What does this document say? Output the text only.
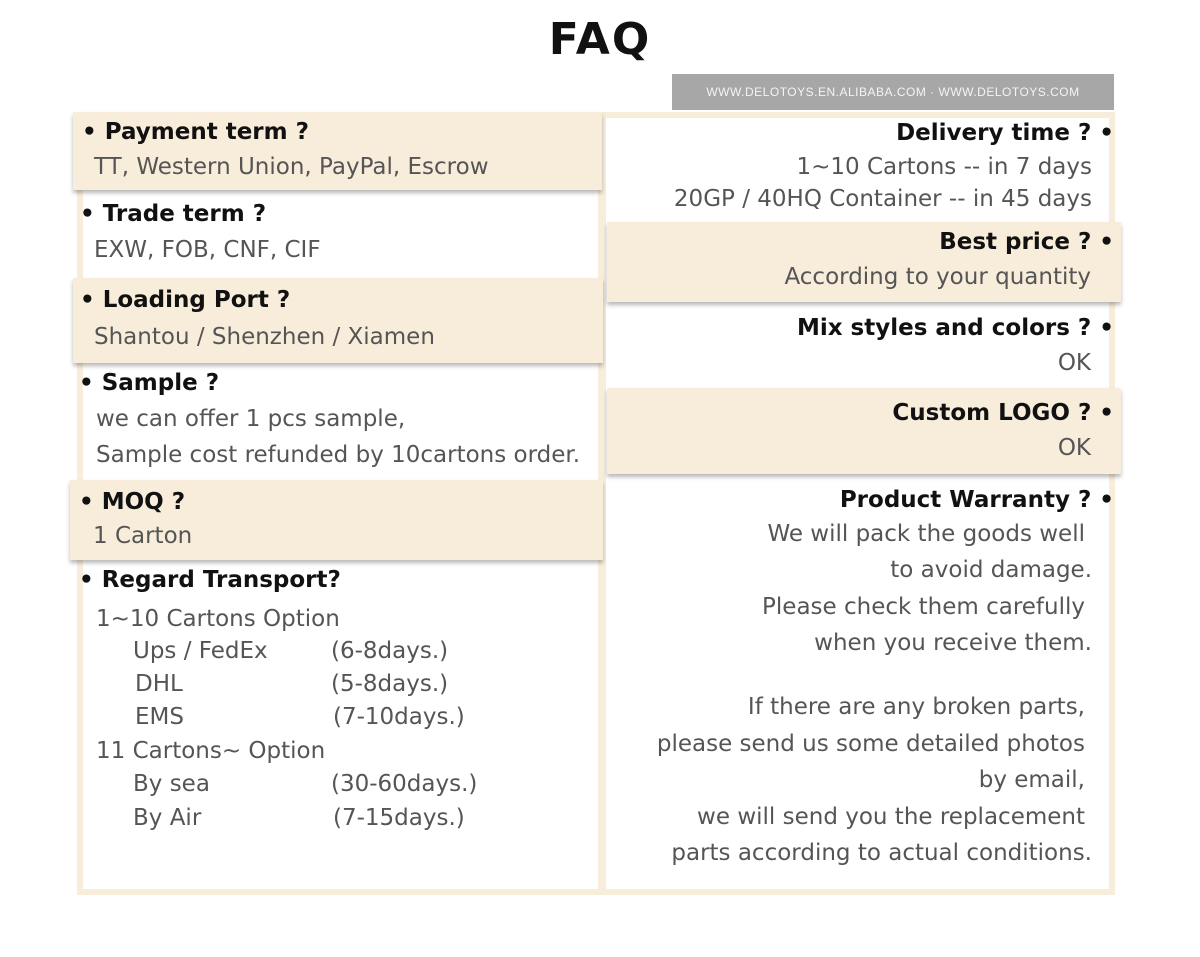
FAQ
WWW.DELOTOYS.EN.ALIBABA.COM · WWW.DELOTOYS.COM
• Payment term ?
TT, Western Union, PayPal, Escrow
• Trade term ?
EXW, FOB, CNF, CIF
• Loading Port ?
Shantou / Shenzhen / Xiamen
• Sample ?
we can offer 1 pcs sample,
Sample cost refunded by 10cartons order.
• MOQ ?
1 Carton
• Regard Transport?
1~10 Cartons Option
Ups / FedEx	(6-8days.)
DHL	(5-8days.)
EMS	(7-10days.)
11 Cartons~ Option
By sea	(30-60days.)
By Air	(7-15days.)
Delivery time ? •
1~10 Cartons -- in 7 days
20GP / 40HQ Container -- in 45 days
Best price ? •
According to your quantity
Mix styles and colors ? •
OK
Custom LOGO ? •
OK
Product Warranty ? •
We will pack the goods well
to avoid damage.
Please check them carefully
when you receive them.
If there are any broken parts,
please send us some detailed photos
by email,
we will send you the replacement
parts according to actual conditions.
